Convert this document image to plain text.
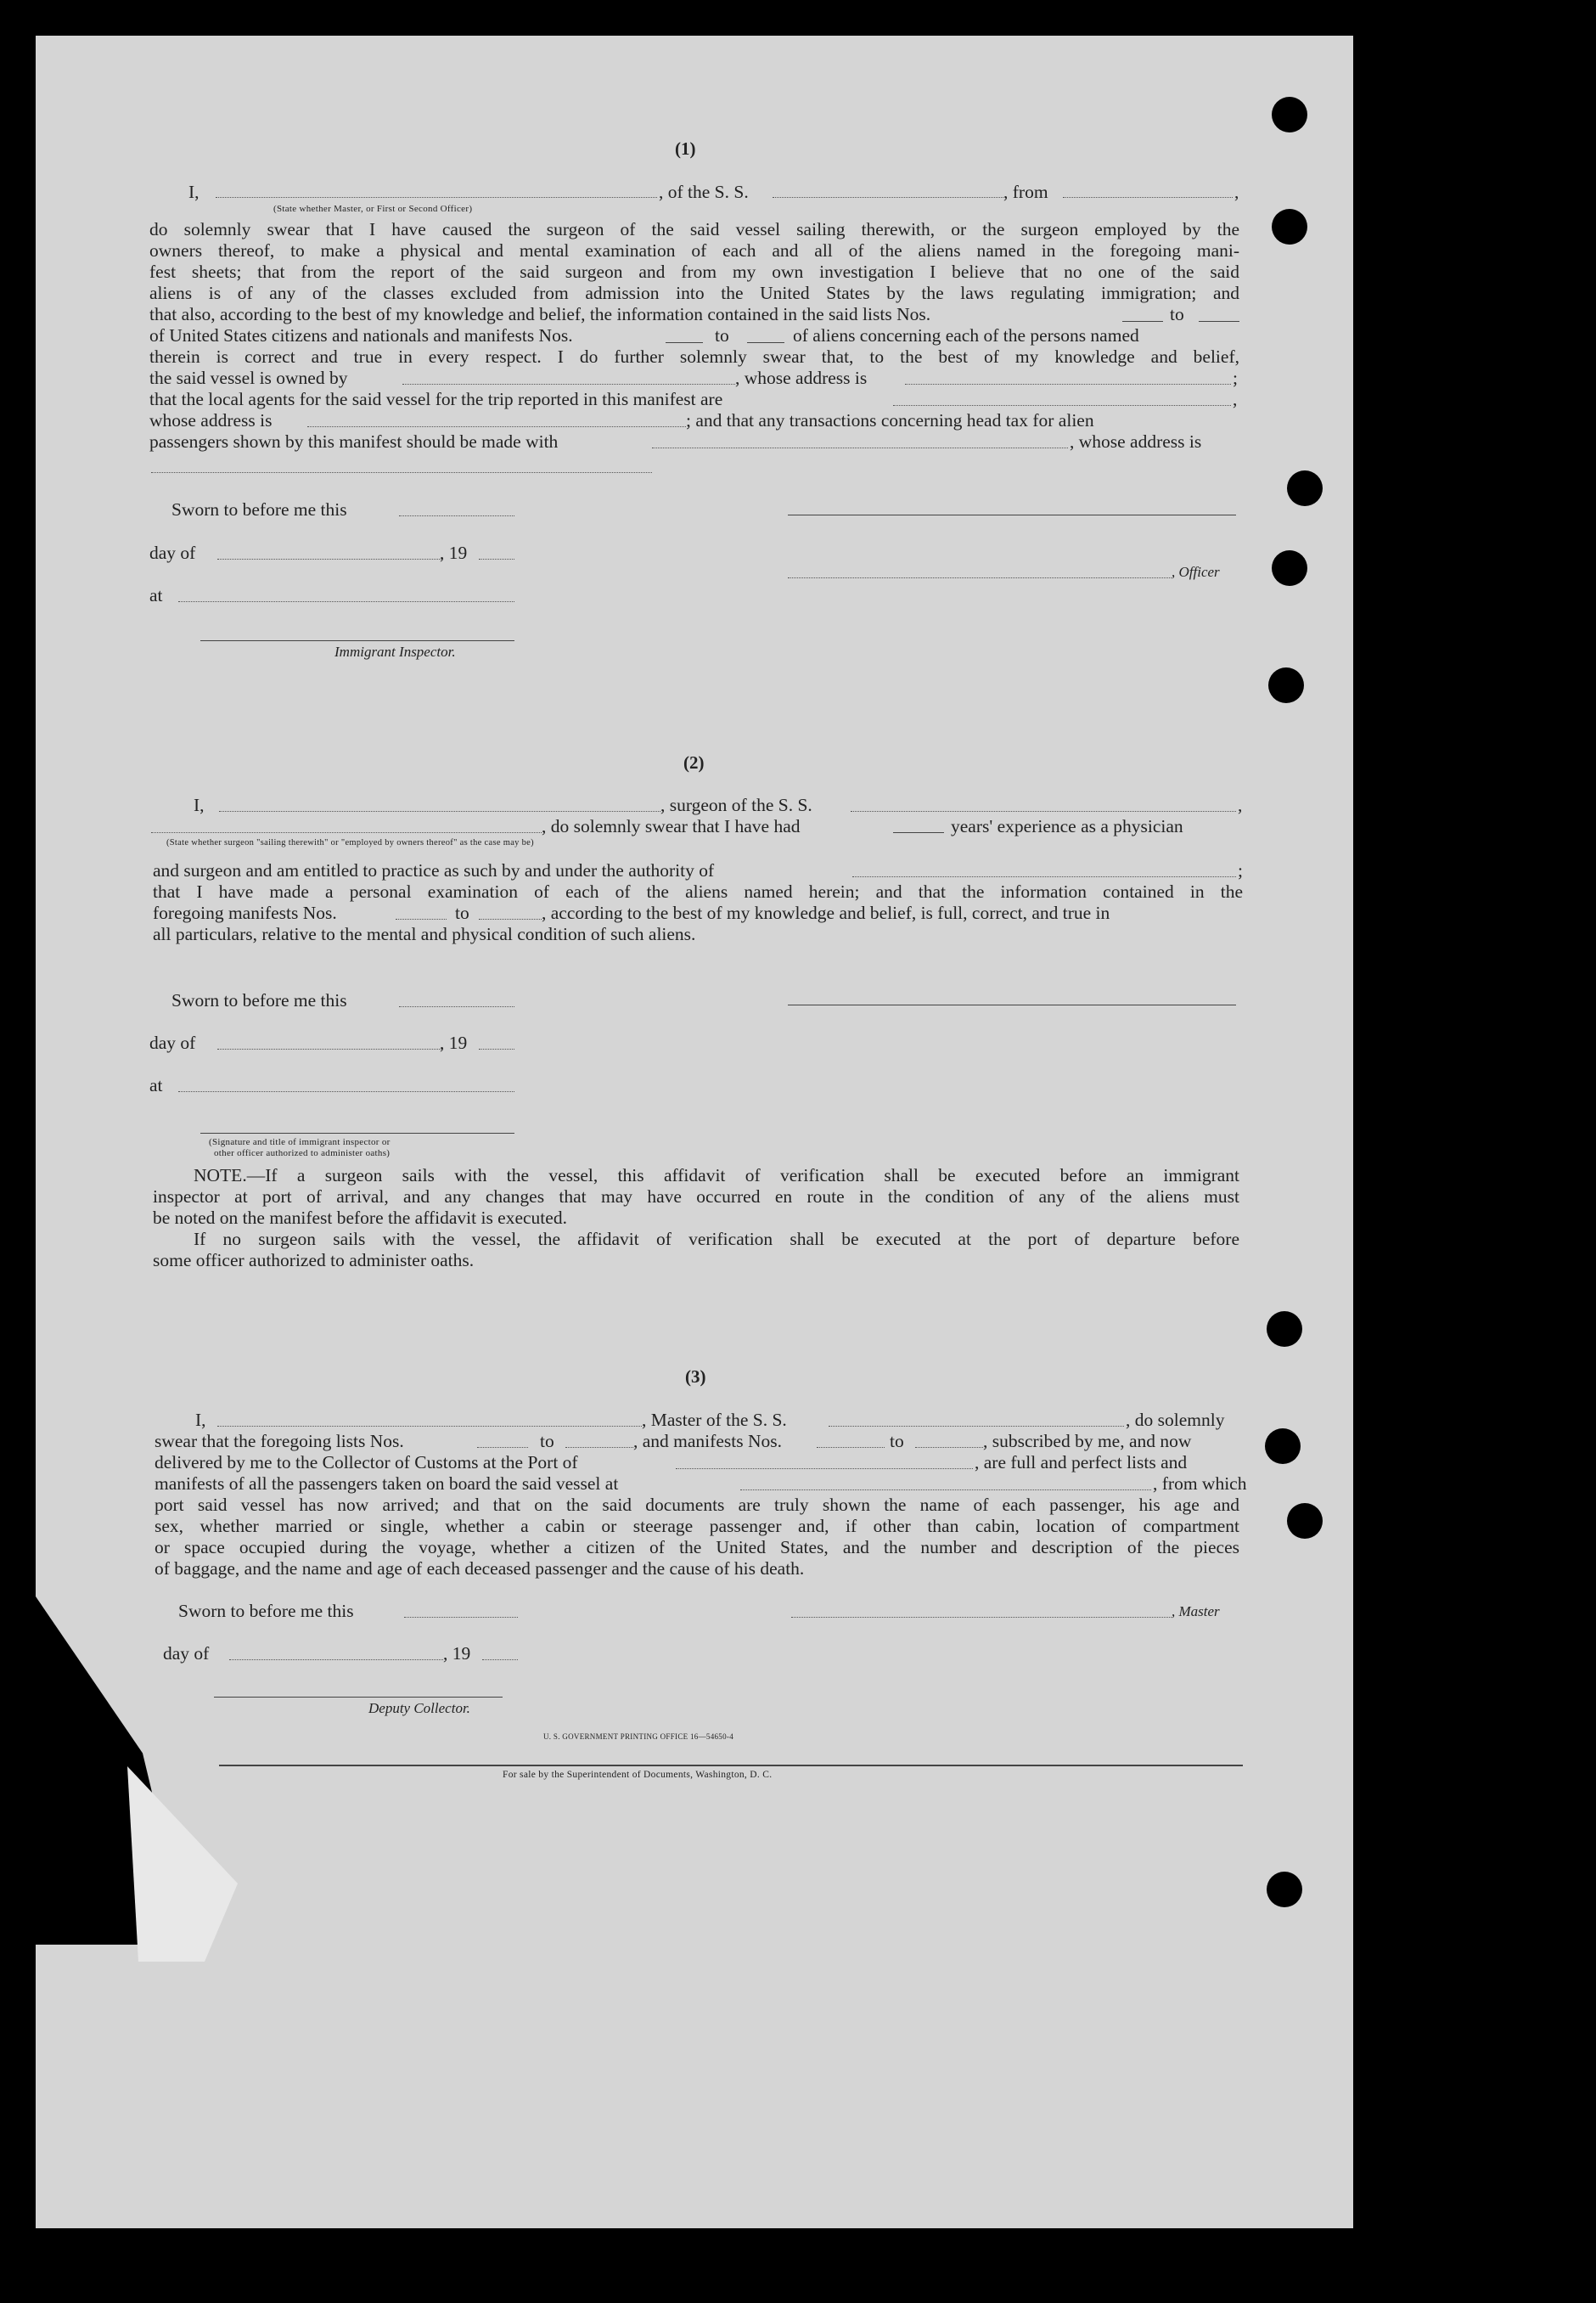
(1)

I,	, of the S. S.	, from	,

(State whether Master, or First or Second Officer)

do solemnly swear that I have caused the surgeon of the said vessel sailing therewith, or the surgeon employed by the

owners thereof, to make a physical and mental examination of each and all of the aliens named in the foregoing mani-

fest sheets; that from the report of the said surgeon and from my own investigation I believe that no one of the said

aliens is of any of the classes excluded from admission into the United States by the laws regulating immigration; and

that also, according to the best of my knowledge and belief, the information contained in the said lists Nos.	to

of United States citizens and nationals and manifests Nos.	to	of aliens concerning each of the persons named

therein is correct and true in every respect. I do further solemnly swear that, to the best of my knowledge and belief,

the said vessel is owned by	, whose address is	;

that the local agents for the said vessel for the trip reported in this manifest are	,

whose address is	; and that any transactions concerning head tax for alien

passengers shown by this manifest should be made with	, whose address is

Sworn to before me this

day of	, 19

, Officer

at

Immigrant Inspector.

(2)

I,	, surgeon of the S. S.	,

, do solemnly swear that I have had	years' experience as a physician

(State whether surgeon "sailing therewith" or "employed by owners thereof" as the case may be)

and surgeon and am entitled to practice as such by and under the authority of	;

that I have made a personal examination of each of the aliens named herein; and that the information contained in the

foregoing manifests Nos.	to	, according to the best of my knowledge and belief, is full, correct, and true in

all particulars, relative to the mental and physical condition of such aliens.

Sworn to before me this

day of	, 19

at

(Signature and title of immigrant inspector or

other officer authorized to administer oaths)

NOTE.—If a surgeon sails with the vessel, this affidavit of verification shall be executed before an immigrant

inspector at port of arrival, and any changes that may have occurred en route in the condition of any of the aliens must

be noted on the manifest before the affidavit is executed.

If no surgeon sails with the vessel, the affidavit of verification shall be executed at the port of departure before

some officer authorized to administer oaths.

(3)

I,	, Master of the S. S.	, do solemnly

swear that the foregoing lists Nos.	to	, and manifests Nos.	to	, subscribed by me, and now

delivered by me to the Collector of Customs at the Port of	, are full and perfect lists and

manifests of all the passengers taken on board the said vessel at	, from which

port said vessel has now arrived; and that on the said documents are truly shown the name of each passenger, his age and

sex, whether married or single, whether a cabin or steerage passenger and, if other than cabin, location of compartment

or space occupied during the voyage, whether a citizen of the United States, and the number and description of the pieces

of baggage, and the name and age of each deceased passenger and the cause of his death.

Sworn to before me this	, Master

day of	, 19

Deputy Collector.

U. S. GOVERNMENT PRINTING OFFICE 16—54650-4

For sale by the Superintendent of Documents, Washington, D. C.
